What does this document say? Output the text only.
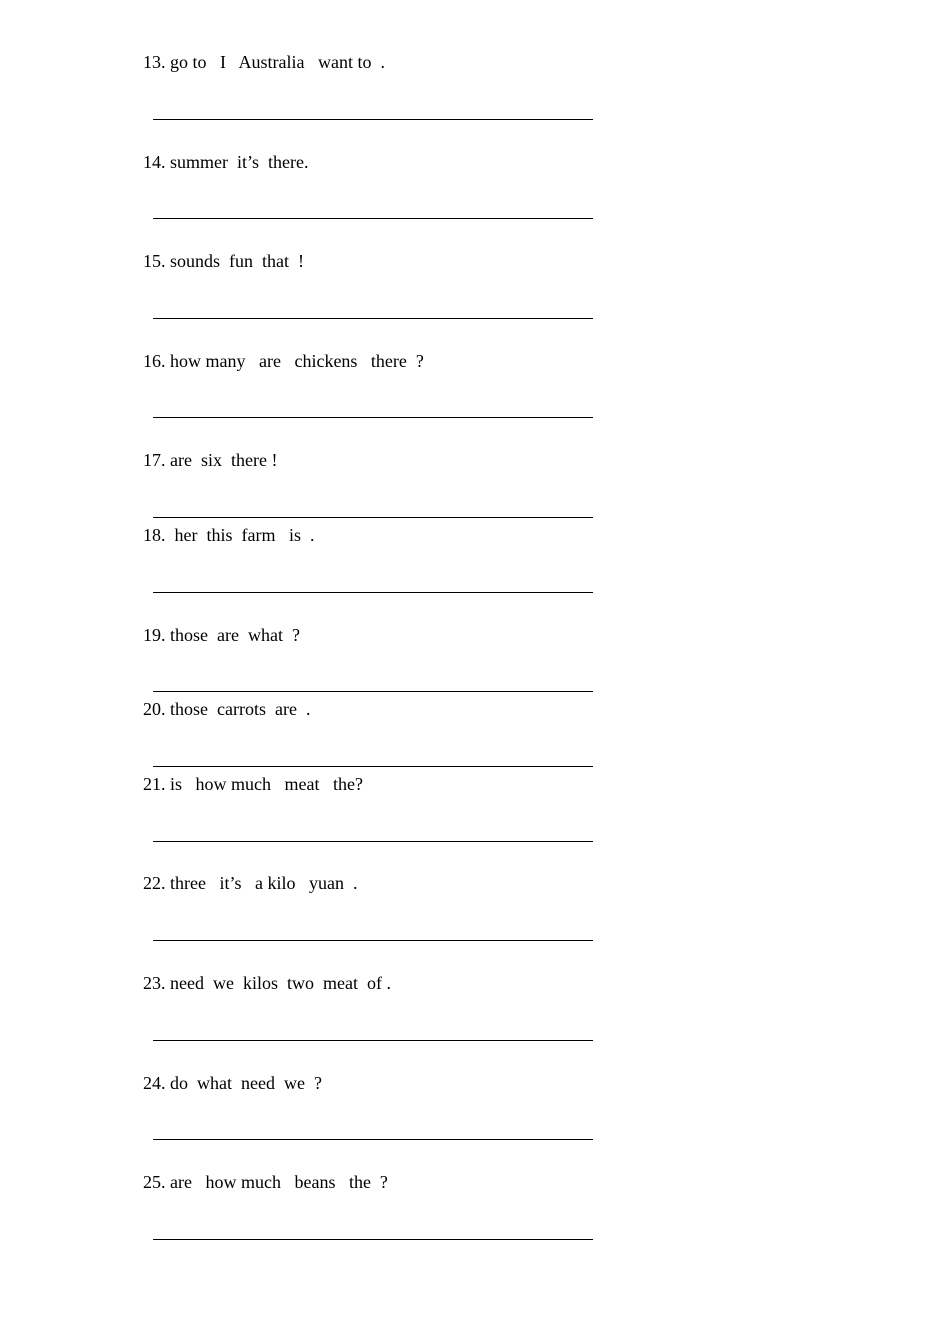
13. go to   I   Australia   want to  .
14. summer  it’s  there.
15. sounds  fun  that  !
16. how many   are   chickens   there  ?
17. are  six  there !
18.  her  this  farm   is  .
19. those  are  what  ?
20. those  carrots  are  .
21. is   how much   meat   the?
22. three   it’s   a kilo   yuan  .
23. need  we  kilos  two  meat  of .
24. do  what  need  we  ?
25. are   how much   beans   the  ?
